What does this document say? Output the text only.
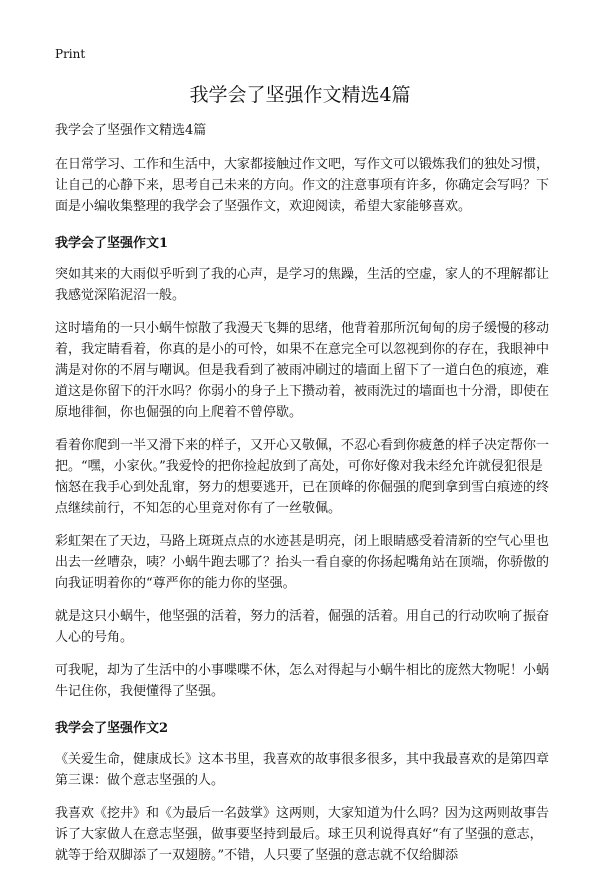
Print
我学会了坚强作文精选4篇

我学会了坚强作文精选4篇

在日常学习、工作和生活中，大家都接触过作文吧，写作文可以锻炼我们的独处习惯，让自己的心静下来，思考自己未来的方向。作文的注意事项有许多，你确定会写吗？下面是小编收集整理的我学会了坚强作文，欢迎阅读，希望大家能够喜欢。

我学会了坚强作文1

突如其来的大雨似乎听到了我的心声，是学习的焦躁，生活的空虚，家人的不理解都让我感觉深陷泥沼一般。

这时墙角的一只小蜗牛惊散了我漫天飞舞的思绪，他背着那所沉甸甸的房子缓慢的移动着，我定睛看着，你真的是小的可怜，如果不在意完全可以忽视到你的存在，我眼神中满是对你的不屑与嘲讽。但是我看到了被雨冲刷过的墙面上留下了一道白色的痕迹，难道这是你留下的汗水吗？你弱小的身子上下攒动着，被雨洗过的墙面也十分滑，即使在原地徘徊，你也倔强的向上爬着不曾停歇。

看着你爬到一半又滑下来的样子，又开心又敬佩，不忍心看到你疲惫的样子决定帮你一把。“嘿，小家伙。”我爱怜的把你捡起放到了高处，可你好像对我未经允许就侵犯很是恼怒在我手心到处乱窜，努力的想要逃开，已在顶峰的你倔强的爬到拿到雪白痕迹的终点继续前行，不知怎的心里竟对你有了一丝敬佩。

彩虹架在了天边，马路上斑斑点点的水迹甚是明亮，闭上眼睛感受着清新的空气心里也出去一丝嘈杂，咦？小蜗牛跑去哪了？抬头一看自豪的你扬起嘴角站在顶端，你骄傲的向我证明着你的“尊严你的能力你的坚强。

就是这只小蜗牛，他坚强的活着，努力的活着，倔强的活着。用自己的行动吹响了振奋人心的号角。

可我呢，却为了生活中的小事喋喋不休，怎么对得起与小蜗牛相比的庞然大物呢！小蜗牛记住你，我便懂得了坚强。

我学会了坚强作文2

《关爱生命，健康成长》这本书里，我喜欢的故事很多很多，其中我最喜欢的是第四章第三课：做个意志坚强的人。

我喜欢《挖井》和《为最后一名鼓掌》这两则，大家知道为什么吗？因为这两则故事告诉了大家做人在意志坚强，做事要坚持到最后。球王贝利说得真好“有了坚强的意志，就等于给双脚添了一双翅膀。”不错，人只要了坚强的意志就不仅给脚添
